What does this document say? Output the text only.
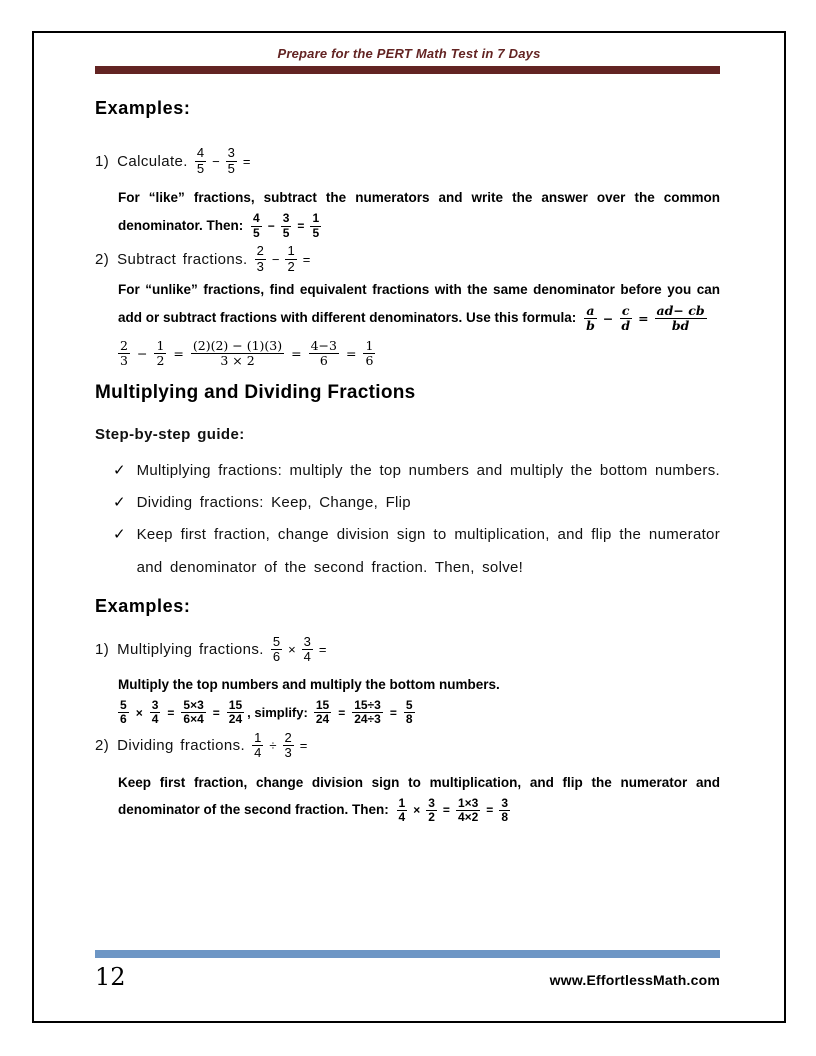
Prepare for the PERT Math Test in 7 Days
Examples:
1) Calculate. $\frac{4}{5} - \frac{3}{5}$ =

For “like” fractions, subtract the numerators and write the answer over the common denominator. Then: $\frac{4}{5} - \frac{3}{5} = \frac{1}{5}$

2) Subtract fractions. $\frac{2}{3} - \frac{1}{2}$ =

For “unlike” fractions, find equivalent fractions with the same denominator before you can add or subtract fractions with different denominators. Use this formula: $\frac{a}{b} - \frac{c}{d} = \frac{ad- cb}{bd}$

$\frac{2}{3} - \frac{1}{2} = \frac{(2)(2) - (1)(3)}{3 \times 2} = \frac{4-3}{6} = \frac{1}{6}$
Multiplying and Dividing Fractions
Step-by-step guide:
✓ Multiplying fractions: multiply the top numbers and multiply the bottom numbers.
✓ Dividing fractions: Keep, Change, Flip
✓ Keep first fraction, change division sign to multiplication, and flip the numerator and denominator of the second fraction. Then, solve!
Examples:
1) Multiplying fractions. $\frac{5}{6} \times \frac{3}{4}$ =

Multiply the top numbers and multiply the bottom numbers.

$\frac{5}{6} \times \frac{3}{4} = \frac{5\times 3}{6\times 4} = \frac{15}{24}$ , simplify: $\frac{15}{24} = \frac{15\div 3}{24\div 3} = \frac{5}{8}$
2) Dividing fractions. $\frac{1}{4} \div \frac{2}{3}$ =

Keep first fraction, change division sign to multiplication, and flip the numerator and denominator of the second fraction. Then: $\frac{1}{4} \times \frac{3}{2} = \frac{1\times 3}{4\times 2} = \frac{3}{8}$

12	www.EffortlessMath.com
